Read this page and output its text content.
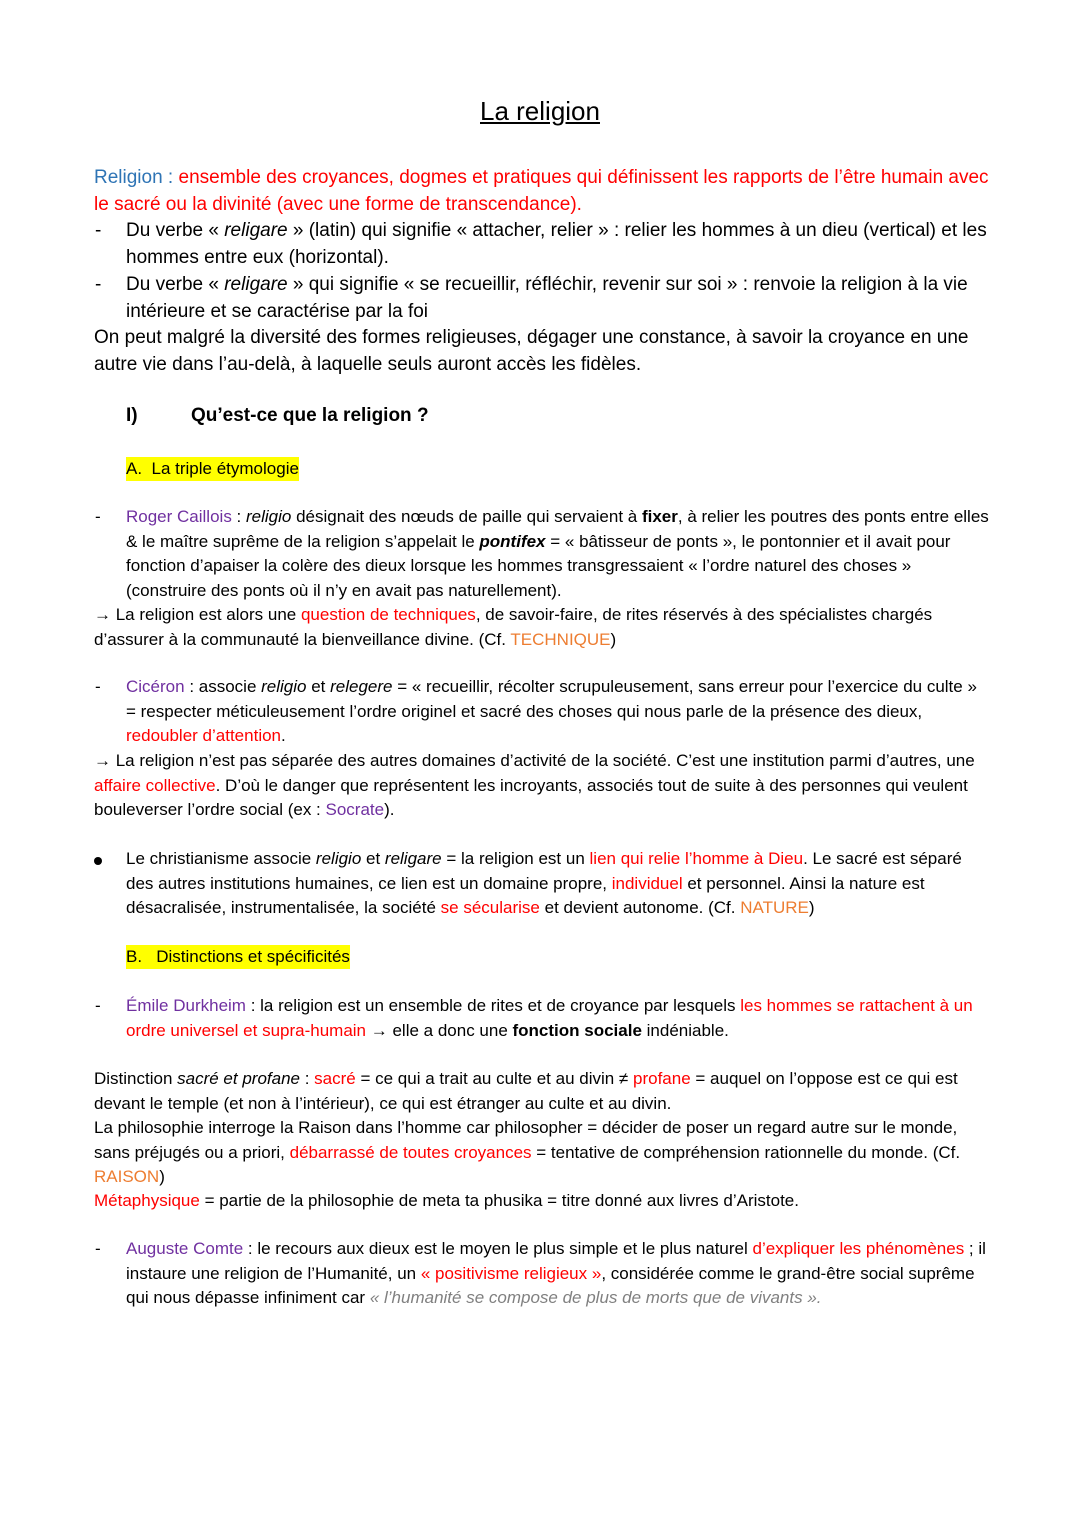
La religion
Religion : ensemble des croyances, dogmes et pratiques qui définissent les rapports de l’être humain avec le sacré ou la divinité (avec une forme de transcendance).
- Du verbe « religare » (latin) qui signifie « attacher, relier » : relier les hommes à un dieu (vertical) et les hommes entre eux (horizontal).
- Du verbe « religare » qui signifie « se recueillir, réfléchir, revenir sur soi » : renvoie la religion à la vie intérieure et se caractérise par la foi
On peut malgré la diversité des formes religieuses, dégager une constance, à savoir la croyance en une autre vie dans l’au-delà, à laquelle seuls auront accès les fidèles.
I)	Qu’est-ce que la religion ?
A. La triple étymologie
- Roger Caillois : religio désignait des nœuds de paille qui servaient à fixer, à relier les poutres des ponts entre elles & le maître suprême de la religion s’appelait le pontifex = « bâtisseur de ponts », le pontonnier et il avait pour fonction d’apaiser la colère des dieux lorsque les hommes transgressaient « l’ordre naturel des choses » (construire des ponts où il n’y en avait pas naturellement).
→ La religion est alors une question de techniques, de savoir-faire, de rites réservés à des spécialistes chargés d’assurer à la communauté la bienveillance divine. (Cf. TECHNIQUE)
- Cicéron : associe religio et relegere = « recueillir, récolter scrupuleusement, sans erreur pour l’exercice du culte » = respecter méticuleusement l’ordre originel et sacré des choses qui nous parle de la présence des dieux, redoubler d’attention.
→ La religion n’est pas séparée des autres domaines d’activité de la société. C’est une institution parmi d’autres, une affaire collective. D’où le danger que représentent les incroyants, associés tout de suite à des personnes qui veulent bouleverser l’ordre social (ex : Socrate).
Le christianisme associe religio et religare = la religion est un lien qui relie l’homme à Dieu. Le sacré est séparé des autres institutions humaines, ce lien est un domaine propre, individuel et personnel. Ainsi la nature est désacralisée, instrumentalisée, la société se sécularise et devient autonome. (Cf. NATURE)
B. Distinctions et spécificités
- Émile Durkheim : la religion est un ensemble de rites et de croyance par lesquels les hommes se rattachent à un ordre universel et supra-humain → elle a donc une fonction sociale indéniable.
Distinction sacré et profane : sacré = ce qui a trait au culte et au divin ≠ profane = auquel on l’oppose est ce qui est devant le temple (et non à l’intérieur), ce qui est étranger au culte et au divin.
La philosophie interroge la Raison dans l’homme car philosopher = décider de poser un regard autre sur le monde, sans préjugés ou a priori, débarrassé de toutes croyances = tentative de compréhension rationnelle du monde. (Cf. RAISON)
Métaphysique = partie de la philosophie de meta ta phusika = titre donné aux livres d’Aristote.
- Auguste Comte : le recours aux dieux est le moyen le plus simple et le plus naturel d’expliquer les phénomènes ; il instaure une religion de l’Humanité, un « positivisme religieux », considérée comme le grand-être social suprême qui nous dépasse infiniment car « l’humanité se compose de plus de morts que de vivants ».
